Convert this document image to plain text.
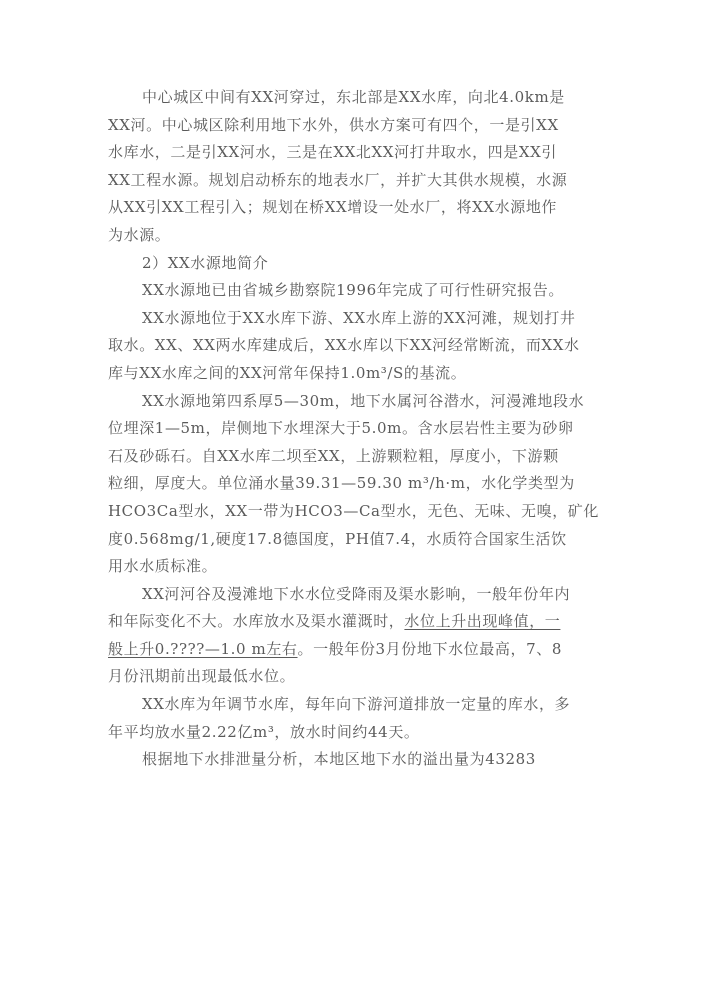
中心城区中间有XX河穿过，东北部是XX水库，向北4.0km是
XX河。中心城区除利用地下水外，供水方案可有四个，一是引XX
水库水，二是引XX河水，三是在XX北XX河打井取水，四是XX引
XX工程水源。规划启动桥东的地表水厂，并扩大其供水规模，水源
从XX引XX工程引入；规划在桥XX增设一处水厂，将XX水源地作
为水源。
2）XX水源地简介
XX水源地已由省城乡勘察院1996年完成了可行性研究报告。
XX水源地位于XX水库下游、XX水库上游的XX河滩，规划打井
取水。XX、XX两水库建成后，XX水库以下XX河经常断流，而XX水
库与XX水库之间的XX河常年保持1.0m³/S的基流。
XX水源地第四系厚5—30m，地下水属河谷潜水，河漫滩地段水
位埋深1—5m，岸侧地下水埋深大于5.0m。含水层岩性主要为砂卵
石及砂砾石。自XX水库二坝至XX，上游颗粒粗，厚度小，下游颗
粒细，厚度大。单位涌水量39.31—59.30 m³/h·m，水化学类型为
HCO3Ca型水，XX一带为HCO3—Ca型水，无色、无味、无嗅，矿化
度0.568mg/1,硬度17.8德国度，PH值7.4，水质符合国家生活饮
用水水质标准。
XX河河谷及漫滩地下水水位受降雨及渠水影响，一般年份年内
和年际变化不大。水库放水及渠水灌溉时，水位上升出现峰值，一
般上升0.????—1.0 m左右。一般年份3月份地下水位最高，7、8
月份汛期前出现最低水位。
XX水库为年调节水库，每年向下游河道排放一定量的库水，多
年平均放水量2.22亿m³，放水时间约44天。
根据地下水排泄量分析，本地区地下水的溢出量为43283
